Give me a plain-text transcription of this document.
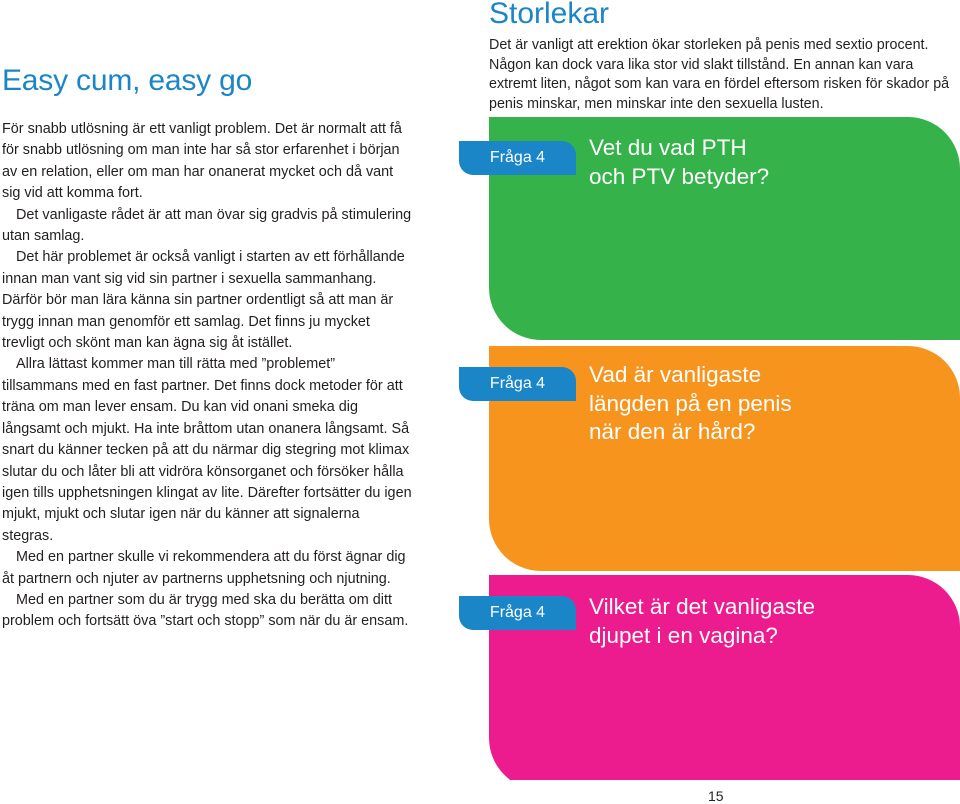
Easy cum, easy go

För snabb utlösning är ett vanligt problem. Det är normalt att få för snabb utlösning om man inte har så stor erfarenhet i början av en relation, eller om man har onanerat mycket och då vant sig vid att komma fort.

Det vanligaste rådet är att man övar sig gradvis på stimulering utan samlag.

Det här problemet är också vanligt i starten av ett förhållande innan man vant sig vid sin partner i sexuella sammanhang. Därför bör man lära känna sin partner ordentligt så att man är trygg innan man genomför ett samlag. Det finns ju mycket trevligt och skönt man kan ägna sig åt istället.

Allra lättast kommer man till rätta med ”problemet” tillsammans med en fast partner. Det finns dock metoder för att träna om man lever ensam. Du kan vid onani smeka dig långsamt och mjukt. Ha inte bråttom utan onanera långsamt. Så snart du känner tecken på att du närmar dig stegring mot klimax slutar du och låter bli att vidröra könsorganet och försöker hålla igen tills upphetsningen klingat av lite. Därefter fortsätter du igen mjukt, mjukt och slutar igen när du känner att signalerna stegras.

Med en partner skulle vi rekommendera att du först ägnar dig åt partnern och njuter av partnerns upphetsning och njutning.

Med en partner som du är trygg med ska du berätta om ditt problem och fortsätt öva ”start och stopp” som när du är ensam.

Storlekar

Det är vanligt att erektion ökar storleken på penis med sextio procent. Någon kan dock vara lika stor vid slakt tillstånd. En annan kan vara extremt liten, något som kan vara en fördel eftersom risken för skador på penis minskar, men minskar inte den sexuella lusten.

Fråga 4	Vet du vad PTH
och PTV betyder?
Fråga 4	Vad är vanligaste
längden på en penis
när den är hård?
Fråga 4	Vilket är det vanligaste
djupet i en vagina?
15
